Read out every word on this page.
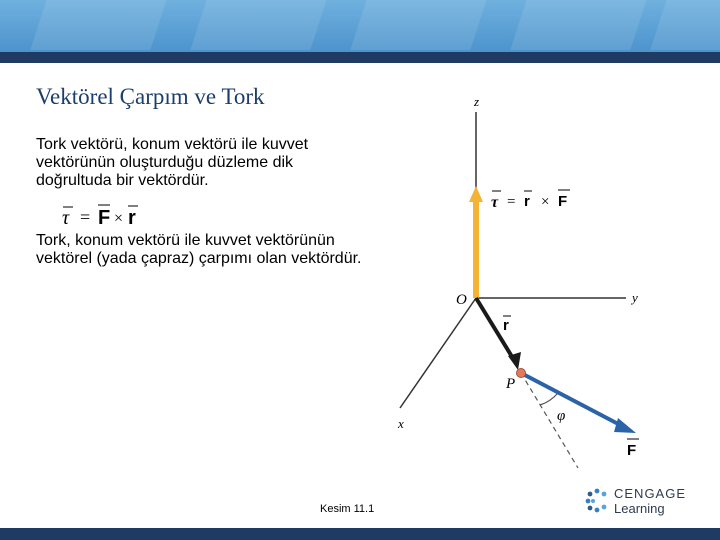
Vektörel Çarpım ve Tork
Tork vektörü, konum vektörü ile kuvvet vektörünün oluşturduğu düzleme dik doğrultuda bir vektördür.
τ = F × r
Tork, konum vektörü ile kuvvet vektörünün vektörel (yada çapraz) çarpımı olan vektördür.
z
y
x
O
τ = r × F
r
F
φ
P
Kesim 11.1
CENGAGE
Learning
